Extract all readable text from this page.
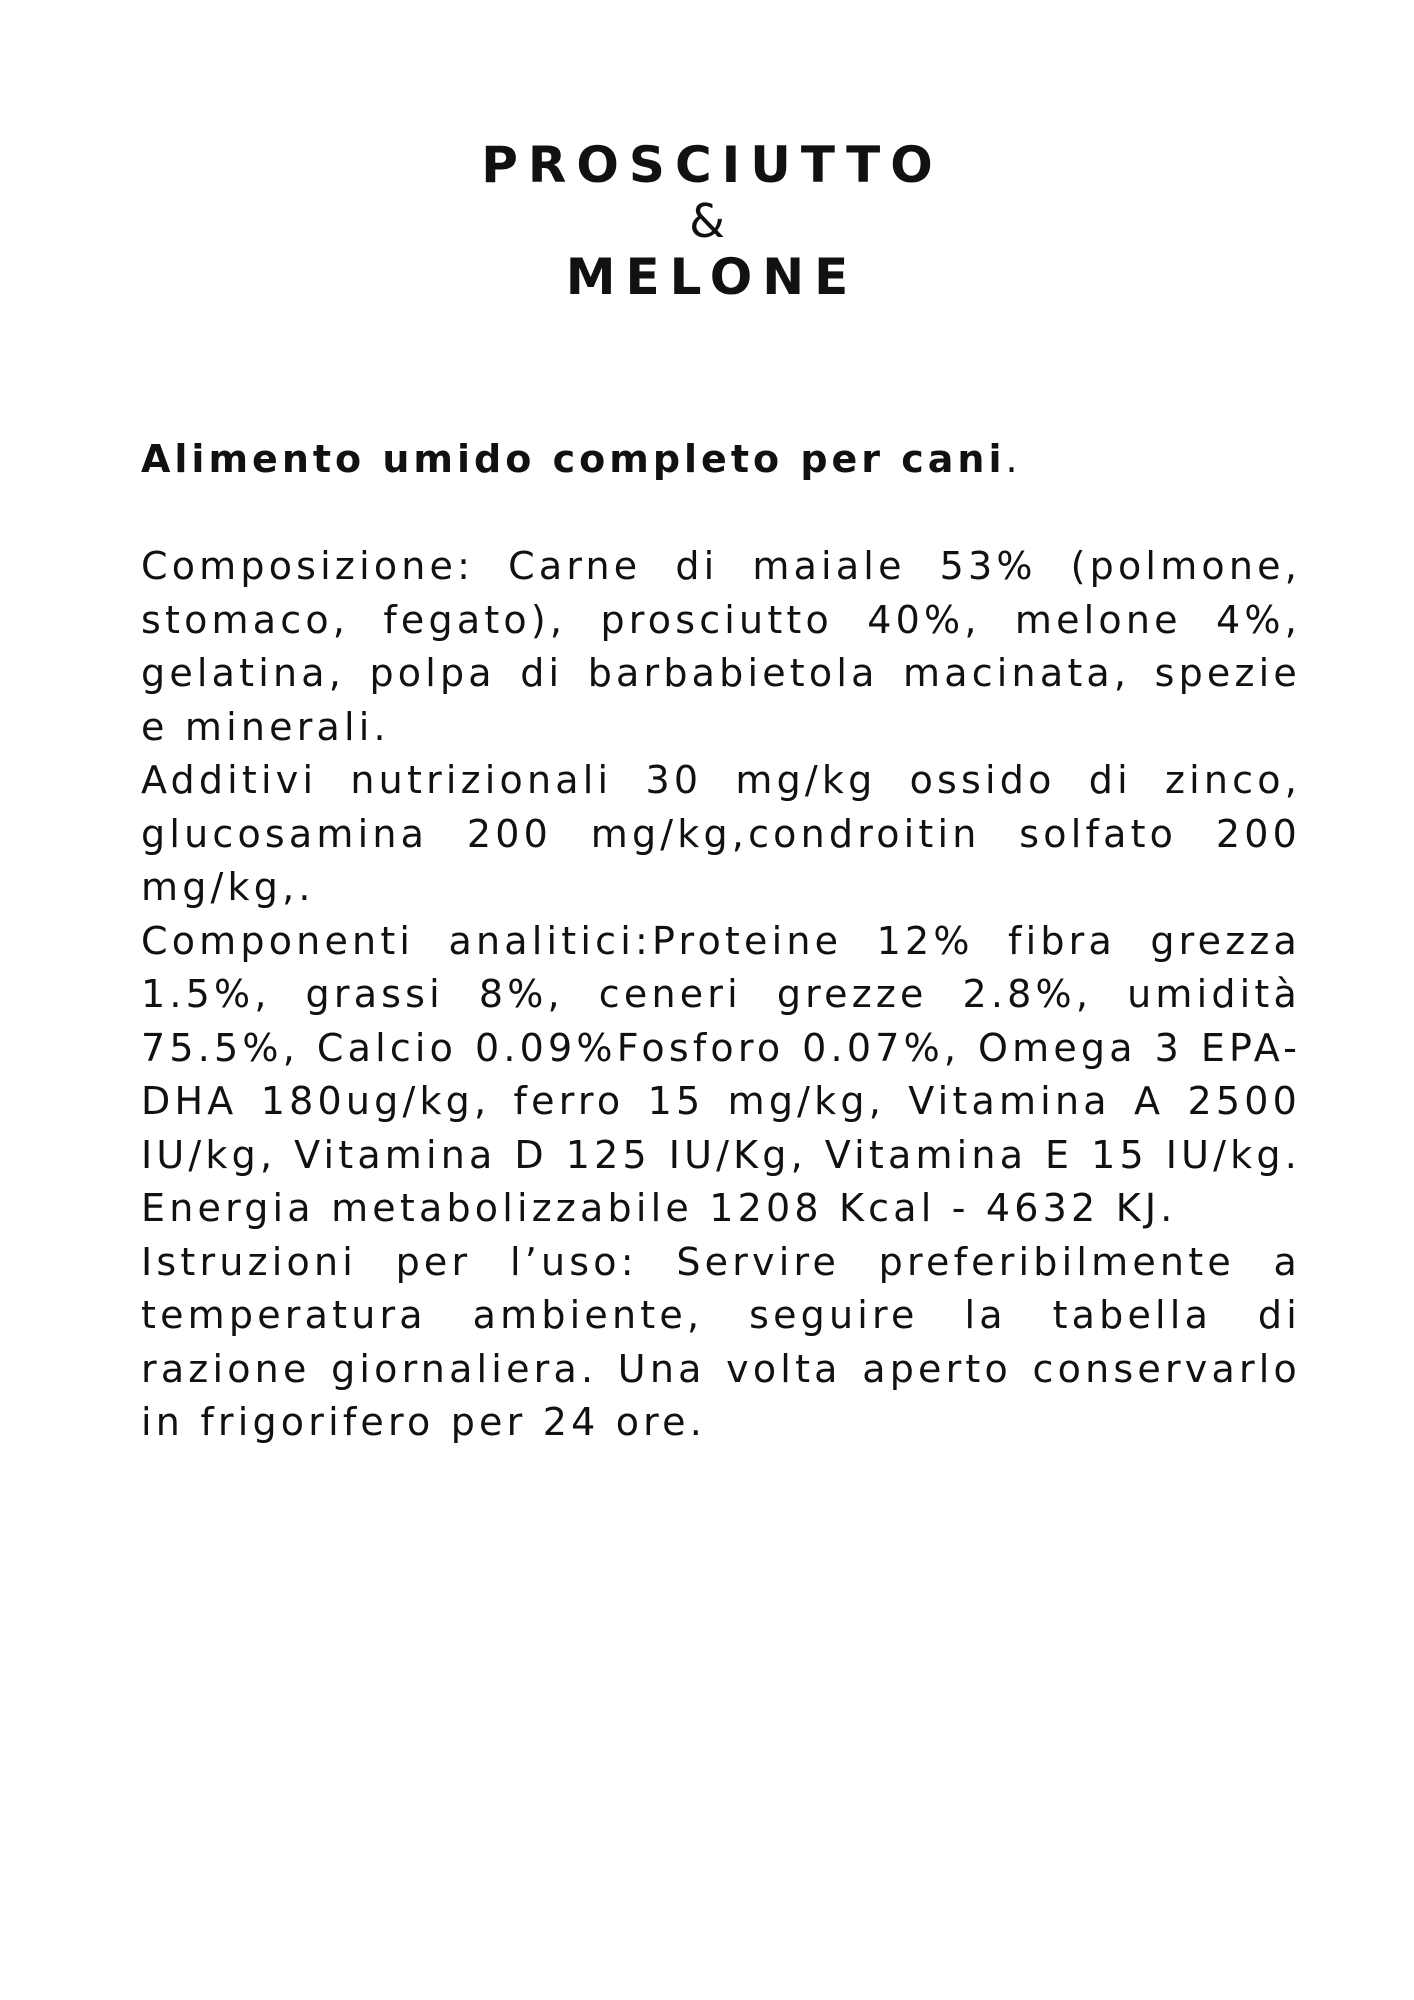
PROSCIUTTO

&

MELONE

Alimento umido completo per cani.

Composizione: Carne di maiale 53% (polmone, stomaco, fegato), prosciutto 40%, melone 4%, gelatina, polpa di barbabietola macinata, spezie e minerali.

Additivi nutrizionali 30 mg/kg ossido di zinco, glucosamina 200 mg/kg,condroitin solfato 200 mg/kg,.

Componenti analitici:Proteine 12% fibra grezza 1.5%, grassi 8%, ceneri grezze 2.8%, umidità 75.5%, Calcio 0.09%Fosforo 0.07%, Omega 3 EPA-DHA 180ug/kg, ferro 15 mg/kg, Vitamina A 2500 IU/kg, Vitamina D 125 IU/Kg, Vitamina E 15 IU/kg. Energia metabolizzabile 1208 Kcal - 4632 KJ.

Istruzioni per l’uso: Servire preferibilmente a temperatura ambiente, seguire la tabella di razione giornaliera. Una volta aperto conservarlo in frigorifero per 24 ore.
